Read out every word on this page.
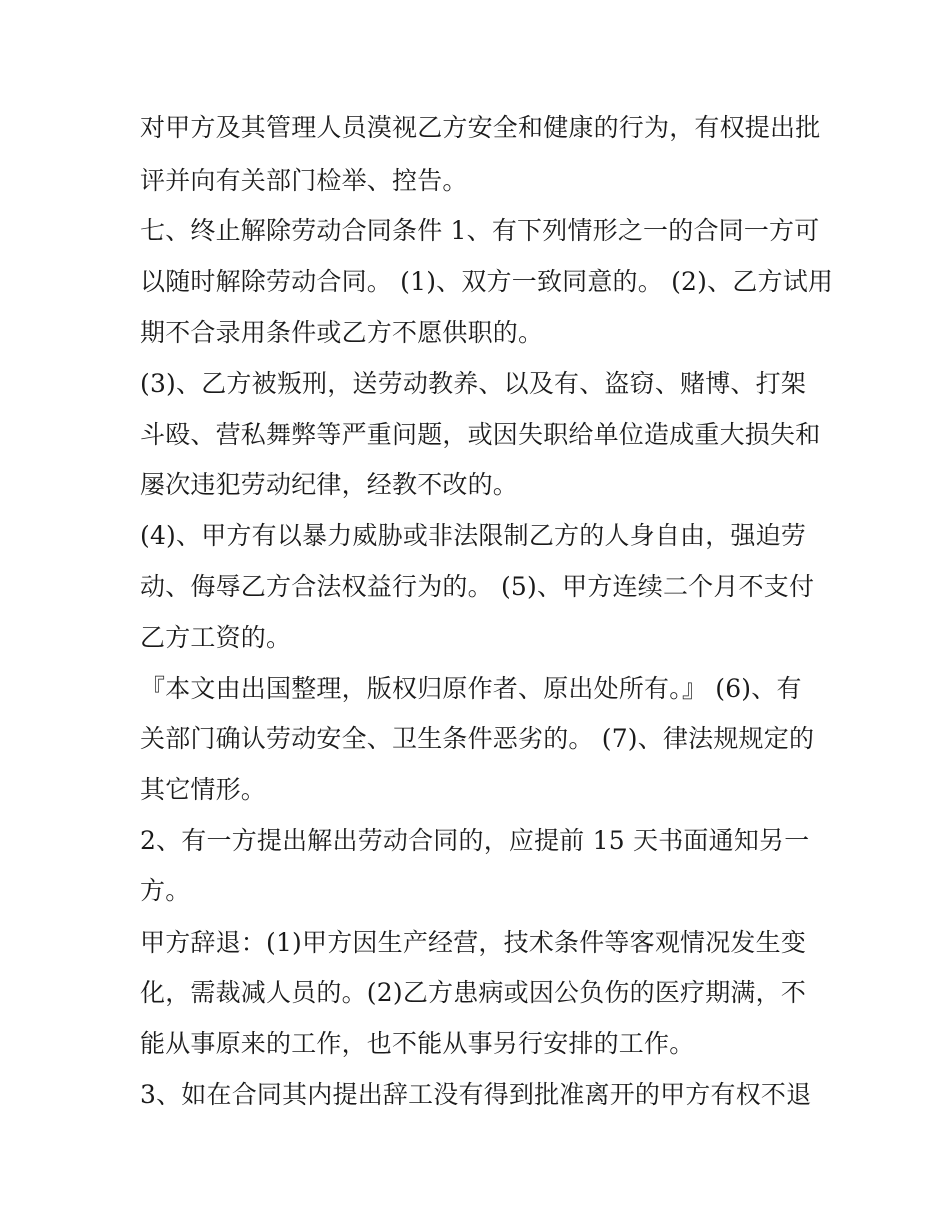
对甲方及其管理人员漠视乙方安全和健康的行为，有权提出批
评并向有关部门检举、控告。
七、终止解除劳动合同条件 1、有下列情形之一的合同一方可
以随时解除劳动合同。 (1)、双方一致同意的。 (2)、乙方试用
期不合录用条件或乙方不愿供职的。
(3)、乙方被叛刑，送劳动教养、以及有、盗窃、赌博、打架
斗殴、营私舞弊等严重问题，或因失职给单位造成重大损失和
屡次违犯劳动纪律，经教不改的。
(4)、甲方有以暴力威胁或非法限制乙方的人身自由，强迫劳
动、侮辱乙方合法权益行为的。 (5)、甲方连续二个月不支付
乙方工资的。
『本文由出国整理，版权归原作者、原出处所有。』 (6)、有
关部门确认劳动安全、卫生条件恶劣的。 (7)、律法规规定的
其它情形。
2、有一方提出解出劳动合同的，应提前 15 天书面通知另一
方。
甲方辞退：(1)甲方因生产经营，技术条件等客观情况发生变
化，需裁减人员的。(2)乙方患病或因公负伤的医疗期满，不
能从事原来的工作，也不能从事另行安排的工作。
3、如在合同其内提出辞工没有得到批准离开的甲方有权不退
